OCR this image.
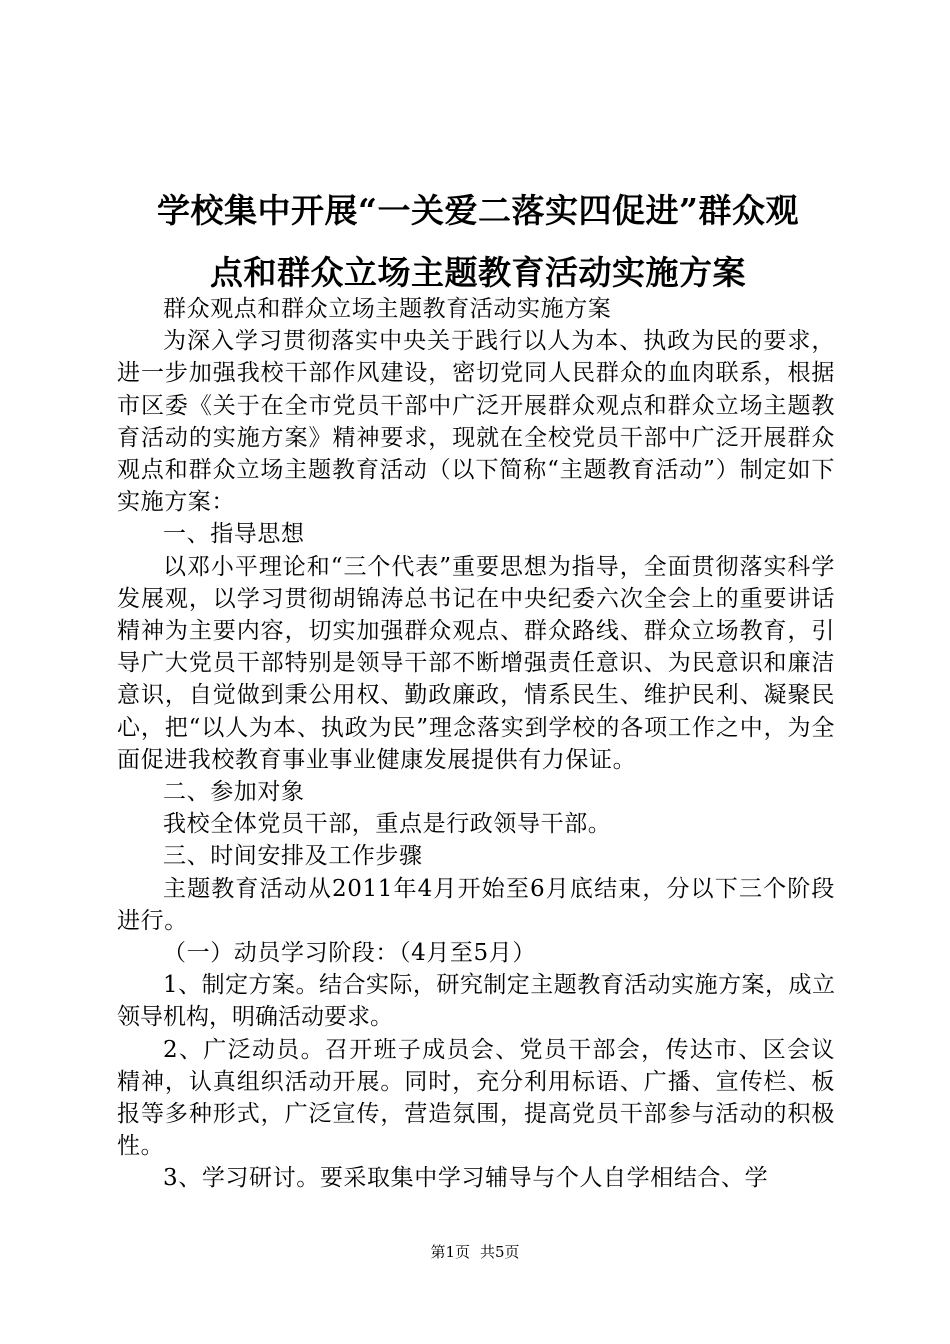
学校集中开展“一关爱二落实四促进”群众观
点和群众立场主题教育活动实施方案

群众观点和群众立场主题教育活动实施方案

为深入学习贯彻落实中央关于践行以人为本、执政为民的要求，进一步加强我校干部作风建设，密切党同人民群众的血肉联系，根据市区委《关于在全市党员干部中广泛开展群众观点和群众立场主题教育活动的实施方案》精神要求，现就在全校党员干部中广泛开展群众观点和群众立场主题教育活动（以下简称“主题教育活动”）制定如下实施方案：

一、指导思想

以邓小平理论和“三个代表”重要思想为指导，全面贯彻落实科学发展观，以学习贯彻胡锦涛总书记在中央纪委六次全会上的重要讲话精神为主要内容，切实加强群众观点、群众路线、群众立场教育，引导广大党员干部特别是领导干部不断增强责任意识、为民意识和廉洁意识，自觉做到秉公用权、勤政廉政，情系民生、维护民利、凝聚民心，把“以人为本、执政为民”理念落实到学校的各项工作之中，为全面促进我校教育事业事业健康发展提供有力保证。

二、参加对象

我校全体党员干部，重点是行政领导干部。

三、时间安排及工作步骤

主题教育活动从2011年4月开始至6月底结束，分以下三个阶段进行。

（一）动员学习阶段：（4月至5月）

1、制定方案。结合实际，研究制定主题教育活动实施方案，成立领导机构，明确活动要求。

2、广泛动员。召开班子成员会、党员干部会，传达市、区会议精神，认真组织活动开展。同时，充分利用标语、广播、宣传栏、板报等多种形式，广泛宣传，营造氛围，提高党员干部参与活动的积极性。

3、学习研讨。要采取集中学习辅导与个人自学相结合、学

第1页 共5页
